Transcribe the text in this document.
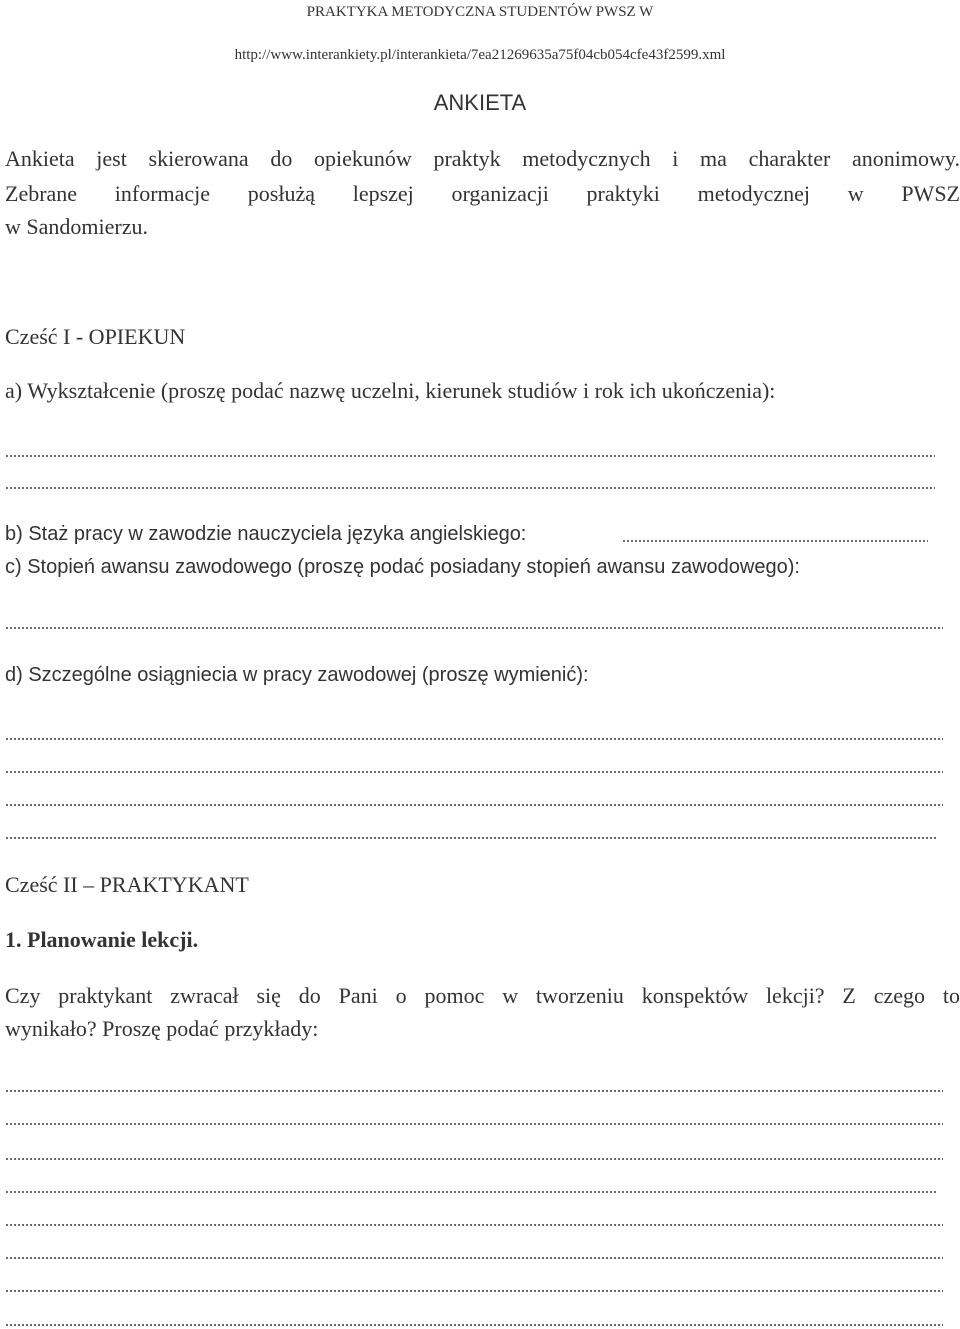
PRAKTYKA METODYCZNA STUDENTÓW PWSZ W

http://www.interankiety.pl/interankieta/7ea21269635a75f04cb054cfe43f2599.xml

ANKIETA

Ankieta jest skierowana do opiekunów praktyk metodycznych i ma charakter anonimowy.

Zebrane informacje posłużą lepszej organizacji praktyki metodycznej w PWSZ

w Sandomierzu.

Cześć I - OPIEKUN

a) Wykształcenie (proszę podać nazwę uczelni, kierunek studiów i rok ich ukończenia):

b) Staż pracy w zawodzie nauczyciela języka angielskiego:

c) Stopień awansu zawodowego (proszę podać posiadany stopień awansu zawodowego):

d) Szczególne osiągniecia w pracy zawodowej (proszę wymienić):

Cześć II – PRAKTYKANT

1. Planowanie lekcji.

Czy praktykant zwracał się do Pani o pomoc w tworzeniu konspektów lekcji? Z czego to

wynikało? Proszę podać przykłady:
